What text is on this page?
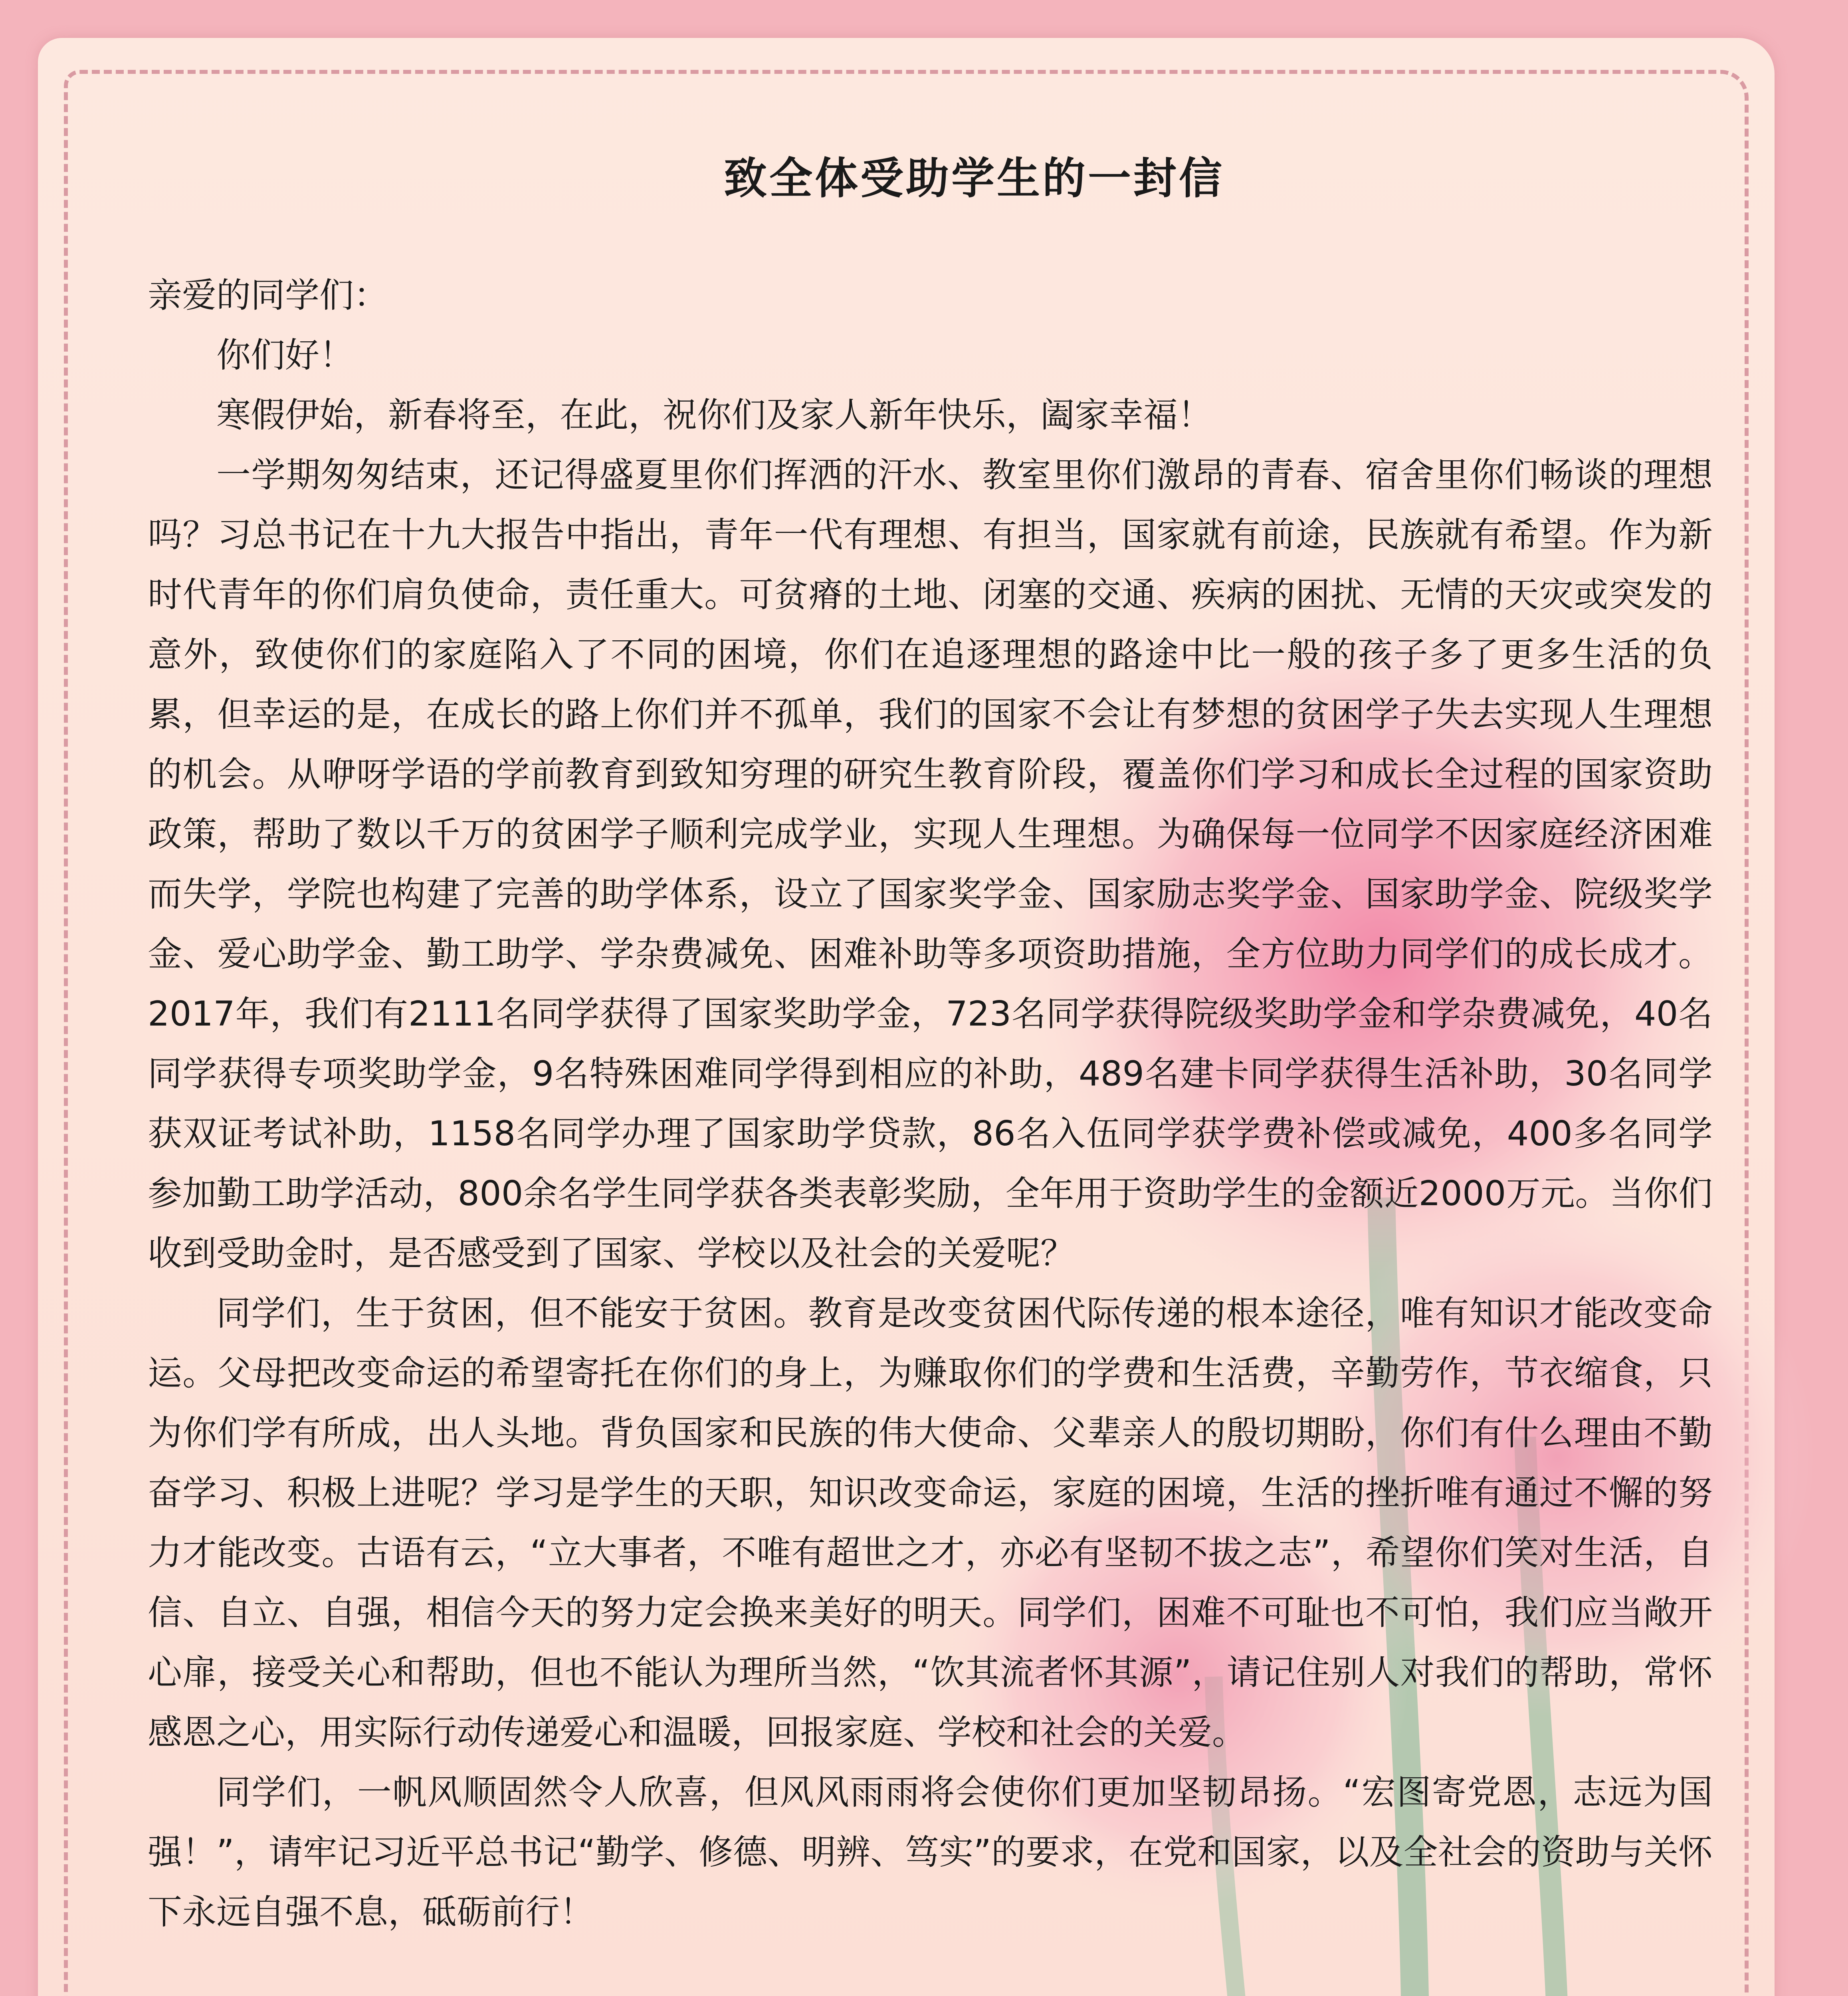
致全体受助学生的一封信

亲爱的同学们：

你们好！

寒假伊始，新春将至，在此，祝你们及家人新年快乐，阖家幸福！

一学期匆匆结束，还记得盛夏里你们挥洒的汗水、教室里你们激昂的青春、宿舍里你们畅谈的理想吗？习总书记在十九大报告中指出，青年一代有理想、有担当，国家就有前途，民族就有希望。作为新时代青年的你们肩负使命，责任重大。可贫瘠的土地、闭塞的交通、疾病的困扰、无情的天灾或突发的意外，致使你们的家庭陷入了不同的困境，你们在追逐理想的路途中比一般的孩子多了更多生活的负累，但幸运的是，在成长的路上你们并不孤单，我们的国家不会让有梦想的贫困学子失去实现人生理想的机会。从咿呀学语的学前教育到致知穷理的研究生教育阶段，覆盖你们学习和成长全过程的国家资助政策，帮助了数以千万的贫困学子顺利完成学业，实现人生理想。为确保每一位同学不因家庭经济困难而失学，学院也构建了完善的助学体系，设立了国家奖学金、国家励志奖学金、国家助学金、院级奖学金、爱心助学金、勤工助学、学杂费减免、困难补助等多项资助措施，全方位助力同学们的成长成才。2017年，我们有2111名同学获得了国家奖助学金，723名同学获得院级奖助学金和学杂费减免，40名同学获得专项奖助学金，9名特殊困难同学得到相应的补助，489名建卡同学获得生活补助，30名同学获双证考试补助，1158名同学办理了国家助学贷款，86名入伍同学获学费补偿或减免，400多名同学参加勤工助学活动，800余名学生同学获各类表彰奖励，全年用于资助学生的金额近2000万元。当你们收到受助金时，是否感受到了国家、学校以及社会的关爱呢？

同学们，生于贫困，但不能安于贫困。教育是改变贫困代际传递的根本途径，唯有知识才能改变命运。父母把改变命运的希望寄托在你们的身上，为赚取你们的学费和生活费，辛勤劳作，节衣缩食，只为你们学有所成，出人头地。背负国家和民族的伟大使命、父辈亲人的殷切期盼，你们有什么理由不勤奋学习、积极上进呢？学习是学生的天职，知识改变命运，家庭的困境，生活的挫折唯有通过不懈的努力才能改变。古语有云，“立大事者，不唯有超世之才，亦必有坚韧不拔之志”，希望你们笑对生活，自信、自立、自强，相信今天的努力定会换来美好的明天。同学们，困难不可耻也不可怕，我们应当敞开心扉，接受关心和帮助，但也不能认为理所当然，“饮其流者怀其源”，请记住别人对我们的帮助，常怀感恩之心，用实际行动传递爱心和温暖，回报家庭、学校和社会的关爱。

同学们，一帆风顺固然令人欣喜，但风风雨雨将会使你们更加坚韧昂扬。“宏图寄党恩，志远为国强！”，请牢记习近平总书记“勤学、修德、明辨、笃实”的要求，在党和国家，以及全社会的资助与关怀下永远自强不息，砥砺前行！
